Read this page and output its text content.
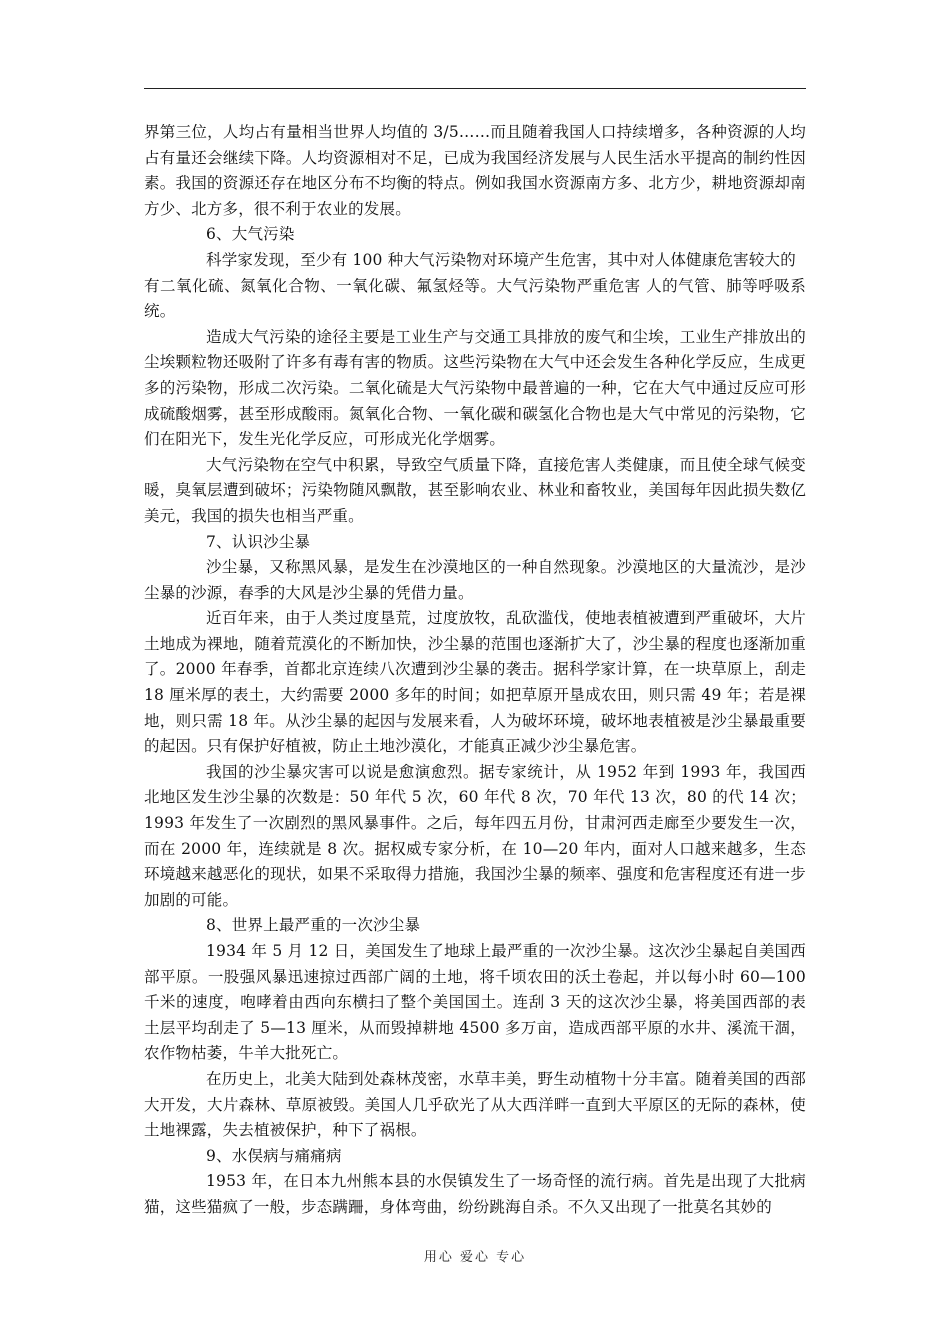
界第三位，人均占有量相当世界人均值的 3/5……而且随着我国人口持续增多，各种资源的人均占有量还会继续下降。人均资源相对不足，已成为我国经济发展与人民生活水平提高的制约性因素。我国的资源还存在地区分布不均衡的特点。例如我国水资源南方多、北方少，耕地资源却南方少、北方多，很不利于农业的发展。

6、大气污染

科学家发现，至少有 100 种大气污染物对环境产生危害，其中对人体健康危害较大的

有二氧化硫、氮氧化合物、一氧化碳、氟氢烃等。大气污染物严重危害 人的气管、肺等呼吸系统。

造成大气污染的途径主要是工业生产与交通工具排放的废气和尘埃，工业生产排放出的尘埃颗粒物还吸附了许多有毒有害的物质。这些污染物在大气中还会发生各种化学反应，生成更多的污染物，形成二次污染。二氧化硫是大气污染物中最普遍的一种，它在大气中通过反应可形成硫酸烟雾，甚至形成酸雨。氮氧化合物、一氧化碳和碳氢化合物也是大气中常见的污染物，它们在阳光下，发生光化学反应，可形成光化学烟雾。

大气污染物在空气中积累，导致空气质量下降，直接危害人类健康，而且使全球气候变暖，臭氧层遭到破坏；污染物随风飘散，甚至影响农业、林业和畜牧业，美国每年因此损失数亿美元，我国的损失也相当严重。

7、认识沙尘暴

沙尘暴，又称黑风暴，是发生在沙漠地区的一种自然现象。沙漠地区的大量流沙，是沙尘暴的沙源，春季的大风是沙尘暴的凭借力量。

近百年来，由于人类过度垦荒，过度放牧，乱砍滥伐，使地表植被遭到严重破坏，大片土地成为裸地，随着荒漠化的不断加快，沙尘暴的范围也逐渐扩大了，沙尘暴的程度也逐渐加重了。2000 年春季，首都北京连续八次遭到沙尘暴的袭击。据科学家计算，在一块草原上，刮走 18 厘米厚的表土，大约需要 2000 多年的时间；如把草原开垦成农田，则只需 49 年；若是裸地，则只需 18 年。从沙尘暴的起因与发展来看，人为破坏环境，破坏地表植被是沙尘暴最重要的起因。只有保护好植被，防止土地沙漠化，才能真正减少沙尘暴危害。

我国的沙尘暴灾害可以说是愈演愈烈。据专家统计，从 1952 年到 1993 年，我国西北地区发生沙尘暴的次数是：50 年代 5 次，60 年代 8 次，70 年代 13 次，80 的代 14 次；1993 年发生了一次剧烈的黑风暴事件。之后，每年四五月份，甘肃河西走廊至少要发生一次，而在 2000 年，连续就是 8 次。据权威专家分析，在 10—20 年内，面对人口越来越多，生态环境越来越恶化的现状，如果不采取得力措施，我国沙尘暴的频率、强度和危害程度还有进一步加剧的可能。

8、世界上最严重的一次沙尘暴

1934 年 5 月 12 日，美国发生了地球上最严重的一次沙尘暴。这次沙尘暴起自美国西部平原。一股强风暴迅速掠过西部广阔的土地，将千顷农田的沃土卷起，并以每小时 60—100 千米的速度，咆哮着由西向东横扫了整个美国国土。连刮 3 天的这次沙尘暴，将美国西部的表土层平均刮走了 5—13 厘米，从而毁掉耕地 4500 多万亩，造成西部平原的水井、溪流干涸，农作物枯萎，牛羊大批死亡。

在历史上，北美大陆到处森林茂密，水草丰美，野生动植物十分丰富。随着美国的西部大开发，大片森林、草原被毁。美国人几乎砍光了从大西洋畔一直到大平原区的无际的森林，使土地裸露，失去植被保护，种下了祸根。

9、水俣病与痛痛病

1953 年，在日本九州熊本县的水俣镇发生了一场奇怪的流行病。首先是出现了大批病猫，这些猫疯了一般，步态蹒跚，身体弯曲，纷纷跳海自杀。不久又出现了一批莫名其妙的

用心 爱心 专心
